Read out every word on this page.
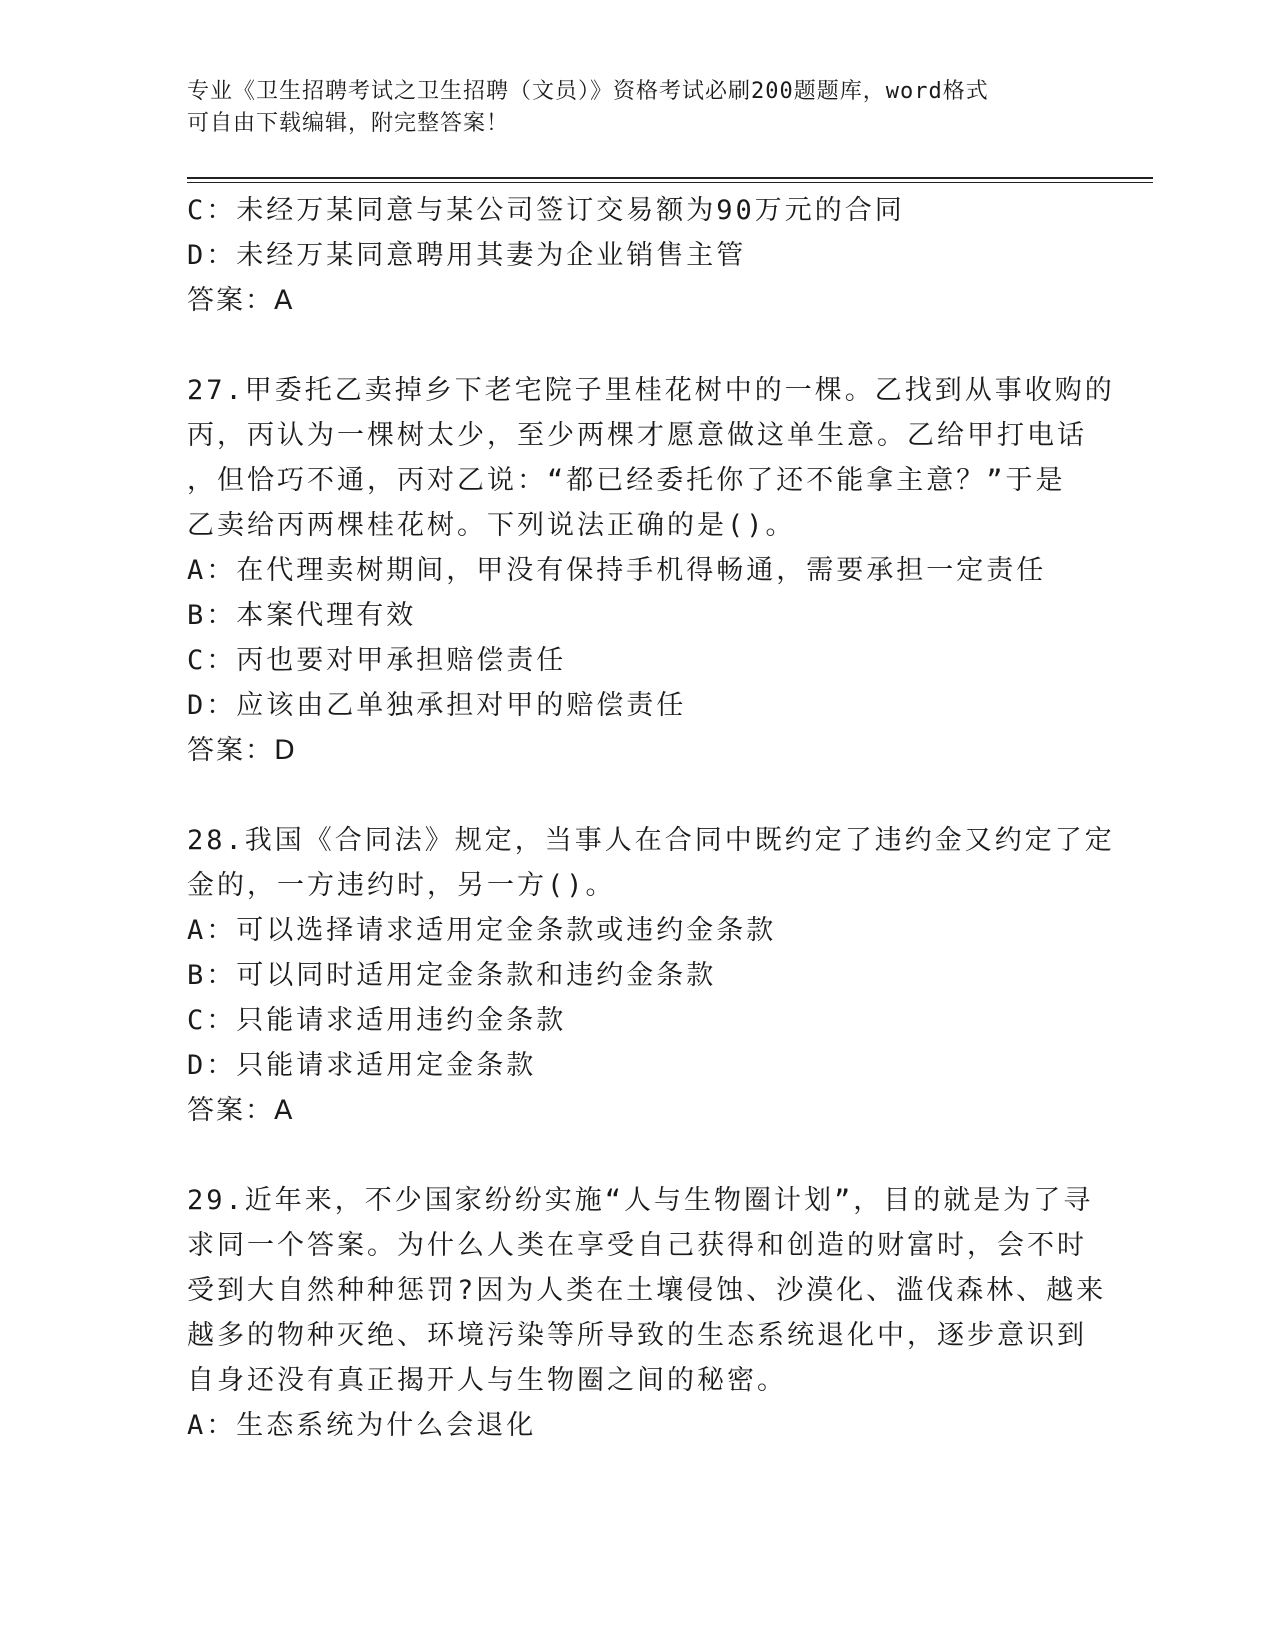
专业《卫生招聘考试之卫生招聘（文员）》资格考试必刷200题题库，word格式
可自由下载编辑，附完整答案！
C：未经万某同意与某公司签订交易额为90万元的合同
D：未经万某同意聘用其妻为企业销售主管
答案：A
27.甲委托乙卖掉乡下老宅院子里桂花树中的一棵。乙找到从事收购的
丙，丙认为一棵树太少，至少两棵才愿意做这单生意。乙给甲打电话
，但恰巧不通，丙对乙说：“都已经委托你了还不能拿主意？”于是
乙卖给丙两棵桂花树。下列说法正确的是()。
A：在代理卖树期间，甲没有保持手机得畅通，需要承担一定责任
B：本案代理有效
C：丙也要对甲承担赔偿责任
D：应该由乙单独承担对甲的赔偿责任
答案：D
28.我国《合同法》规定，当事人在合同中既约定了违约金又约定了定
金的，一方违约时，另一方()。
A：可以选择请求适用定金条款或违约金条款
B：可以同时适用定金条款和违约金条款
C：只能请求适用违约金条款
D：只能请求适用定金条款
答案：A
29.近年来，不少国家纷纷实施“人与生物圈计划”，目的就是为了寻
求同一个答案。为什么人类在享受自己获得和创造的财富时，会不时
受到大自然种种惩罚?因为人类在土壤侵蚀、沙漠化、滥伐森林、越来
越多的物种灭绝、环境污染等所导致的生态系统退化中，逐步意识到
自身还没有真正揭开人与生物圈之间的秘密。
A：生态系统为什么会退化
